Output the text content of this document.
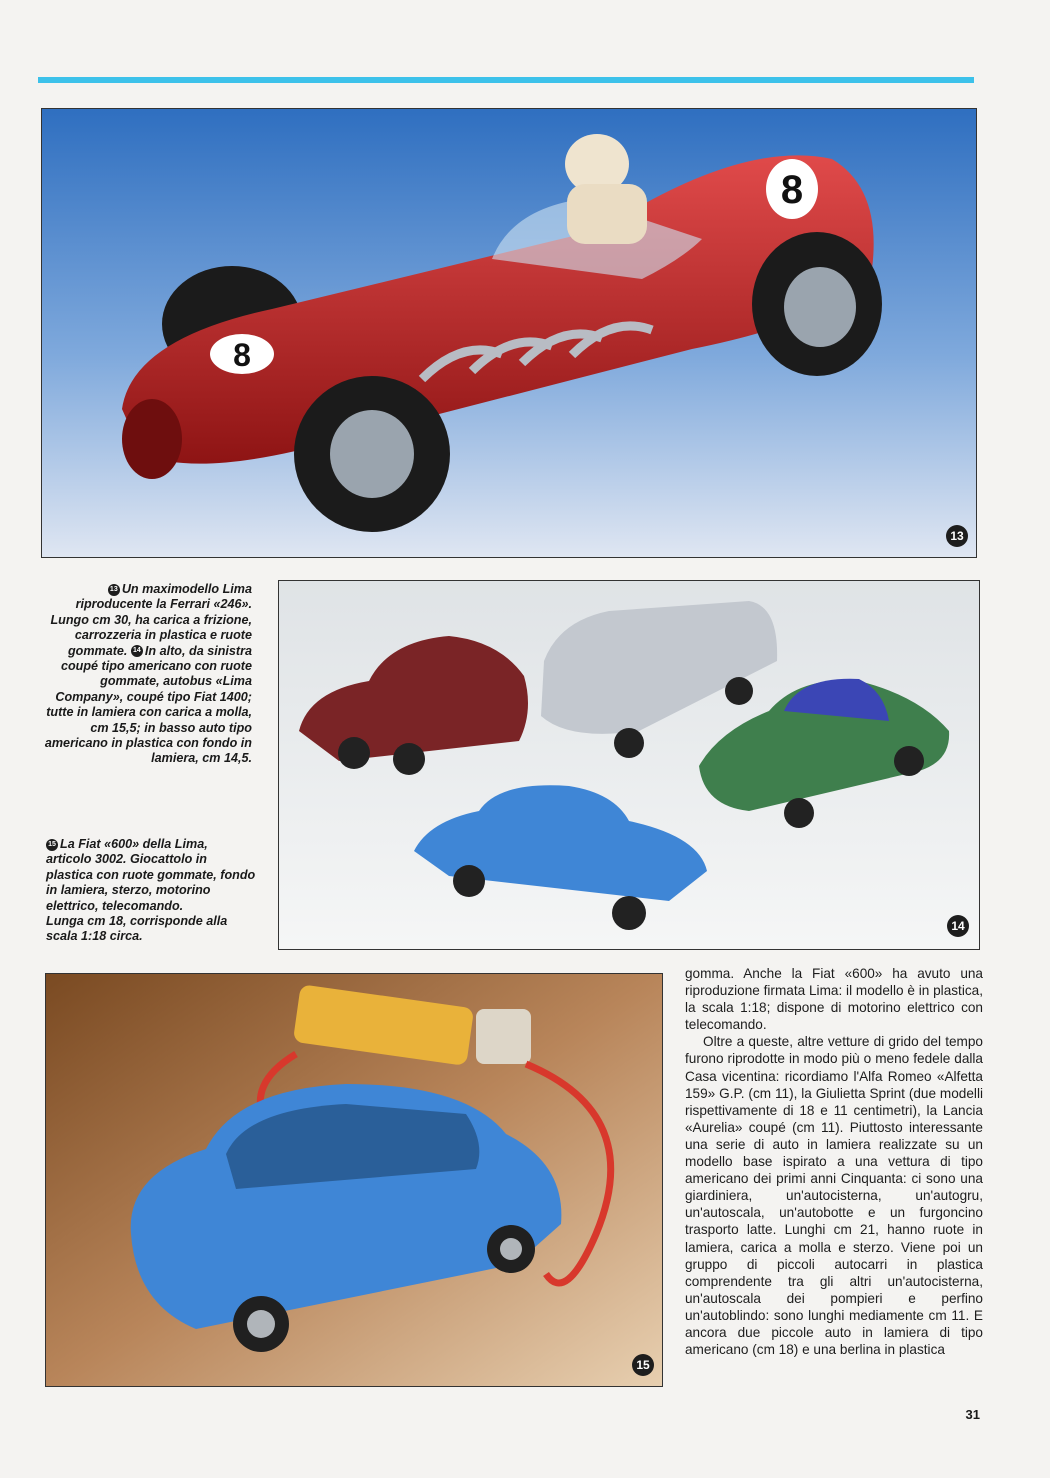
8
8
13

13 Un maximodello Lima riproducente la Ferrari «246». Lungo cm 30, ha carica a frizione, carrozzeria in plastica e ruote gommate. 14 In alto, da sinistra coupé tipo americano con ruote gommate, autobus «Lima Company», coupé tipo Fiat 1400; tutte in lamiera con carica a molla, cm 15,5; in basso auto tipo americano in plastica con fondo in lamiera, cm 14,5.

14

15 La Fiat «600» della Lima, articolo 3002. Giocattolo in plastica con ruote gommate, fondo in lamiera, sterzo, motorino elettrico, telecomando.

Lunga cm 18, corrisponde alla scala 1:18 circa.

15

gomma. Anche la Fiat «600» ha avuto una riproduzione firmata Lima: il modello è in plastica, la scala 1:18; dispone di motorino elettrico con telecomando.

Oltre a queste, altre vetture di grido del tempo furono riprodotte in modo più o meno fedele dalla Casa vicentina: ricordiamo l'Alfa Romeo «Alfetta 159» G.P. (cm 11), la Giulietta Sprint (due modelli rispettivamente di 18 e 11 centimetri), la Lancia «Aurelia» coupé (cm 11). Piuttosto interessante una serie di auto in lamiera realizzate su un modello base ispirato a una vettura di tipo americano dei primi anni Cinquanta: ci sono una giardiniera, un'autocisterna, un'autogru, un'autoscala, un'autobotte e un furgoncino trasporto latte. Lunghi cm 21, hanno ruote in lamiera, carica a molla e sterzo. Viene poi un gruppo di piccoli autocarri in plastica comprendente tra gli altri un'autocisterna, un'autoscala dei pompieri e perfino un'autoblindo: sono lunghi mediamente cm 11. E ancora due piccole auto in lamiera di tipo americano (cm 18) e una berlina in plastica

31
